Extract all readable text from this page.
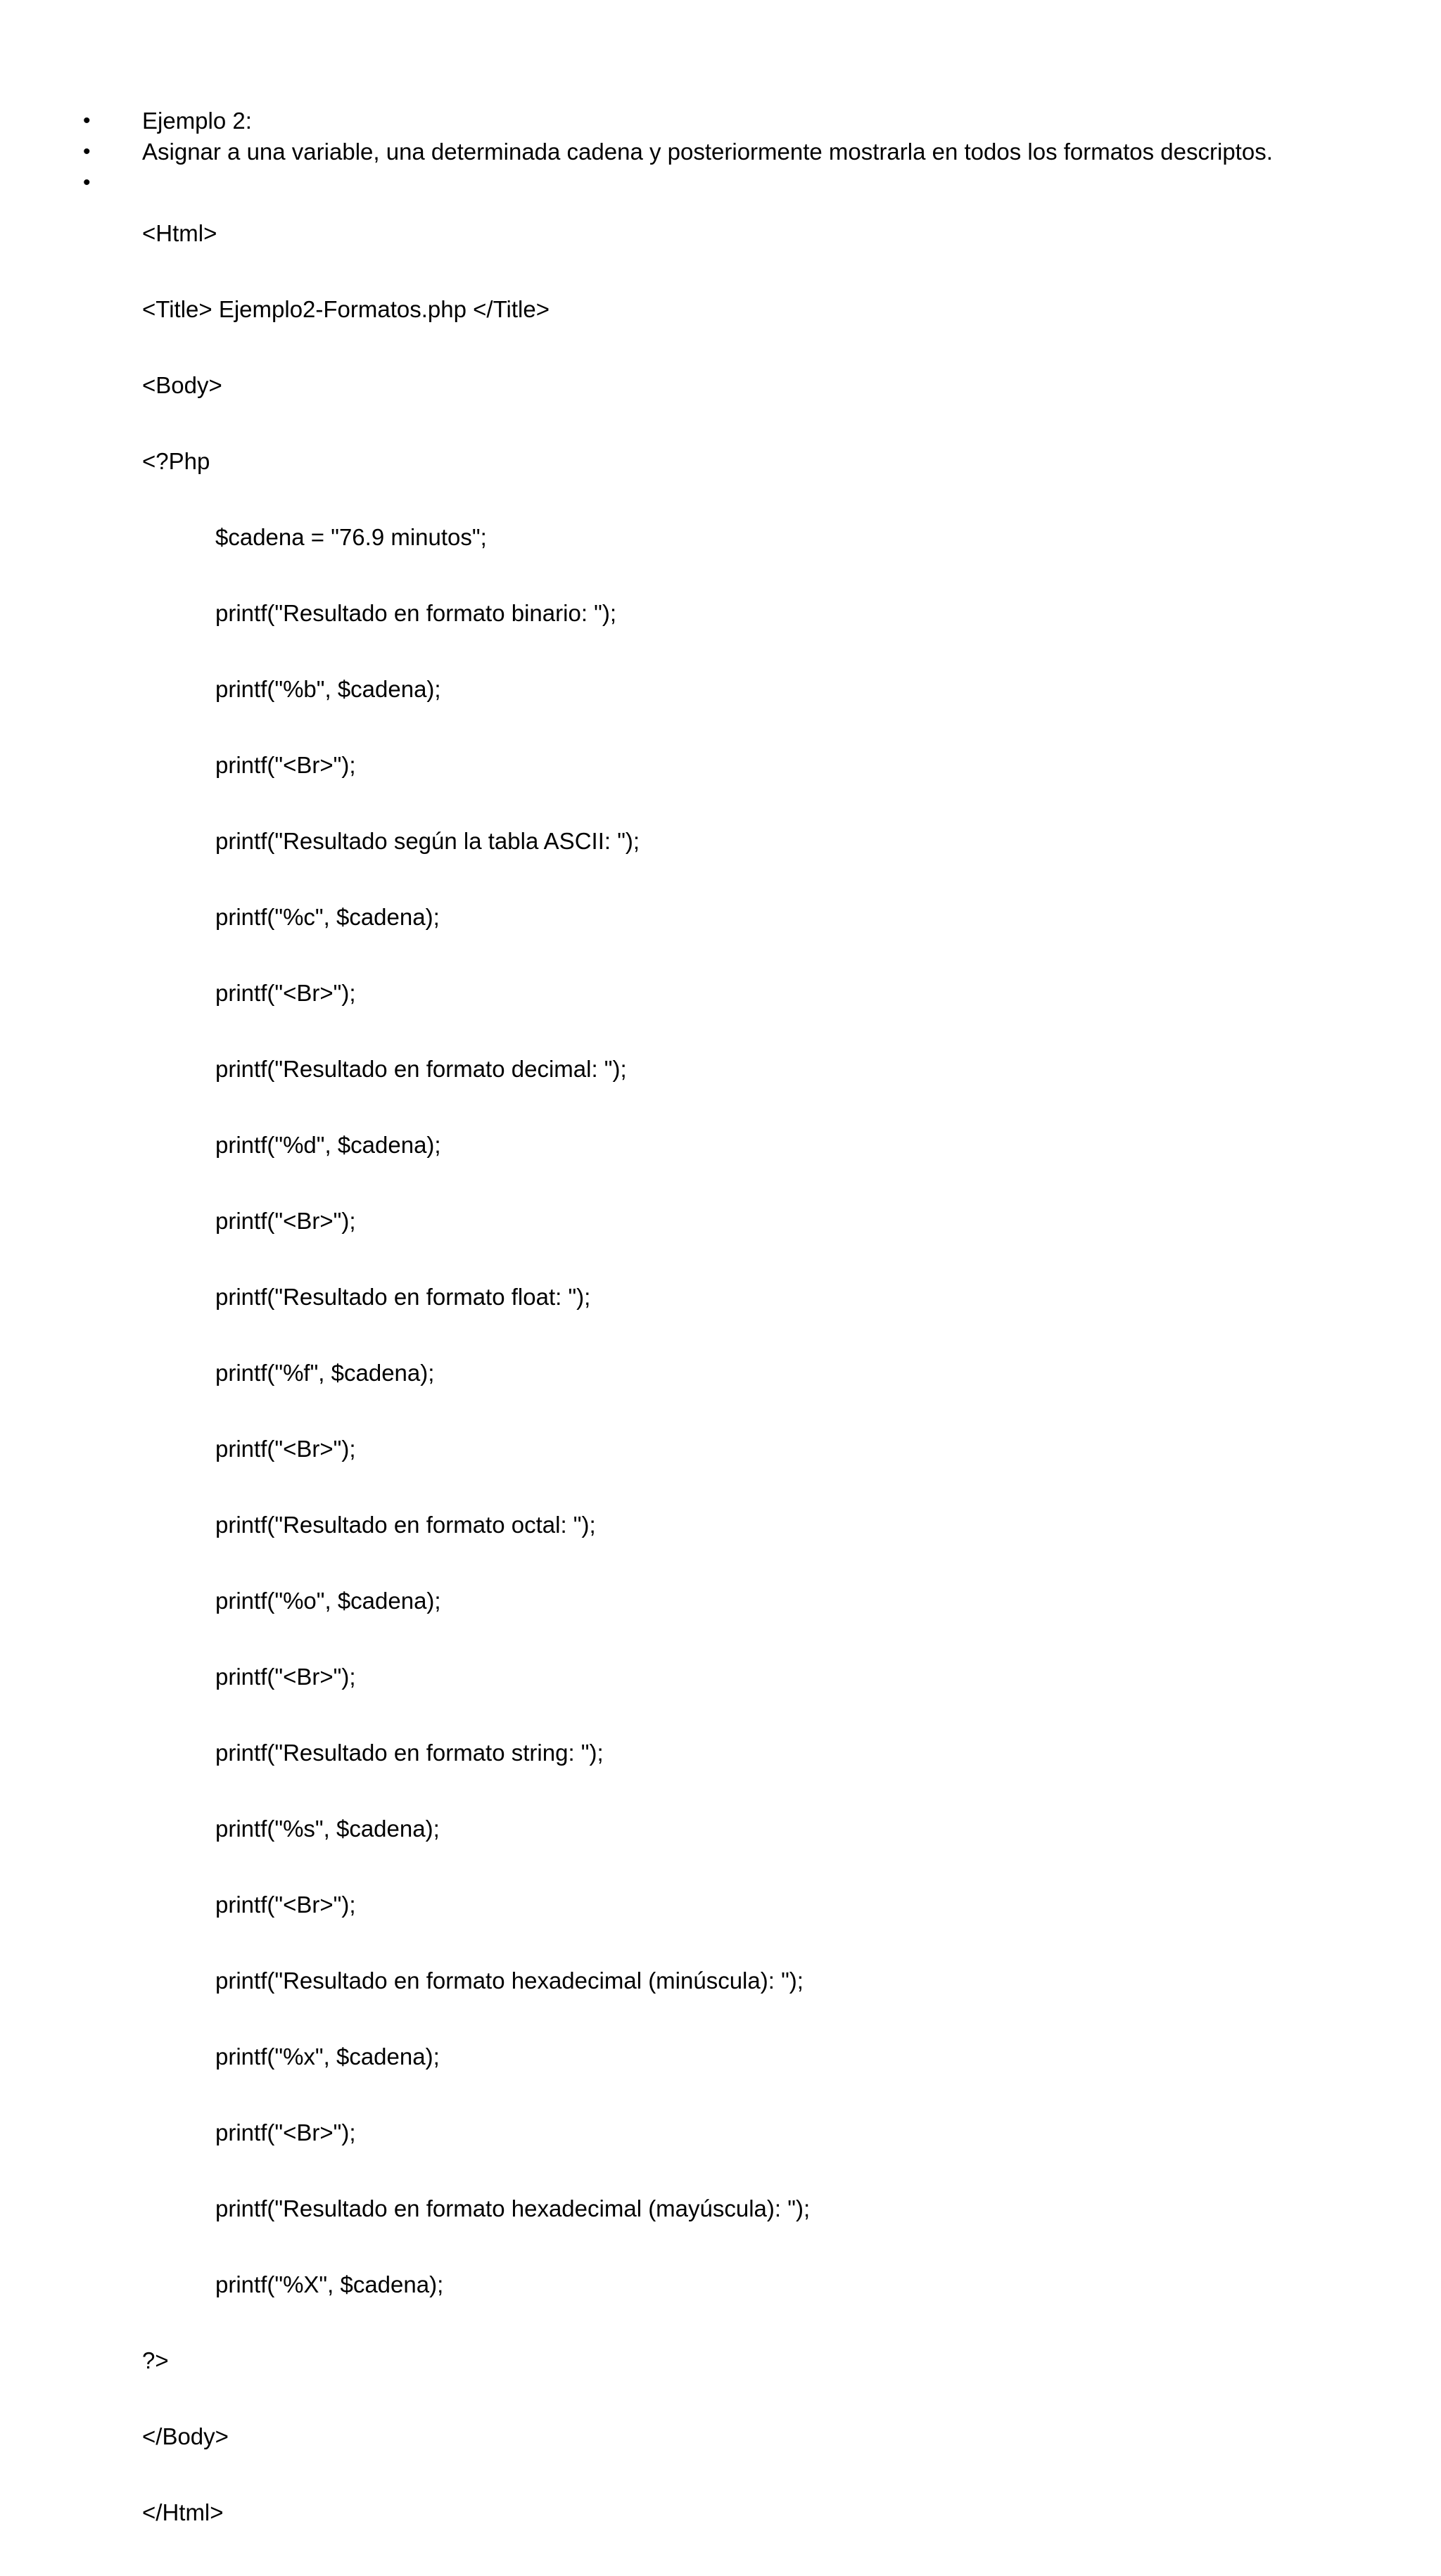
•	Ejemplo 2:
•	Asignar a una variable, una determinada cadena y posteriormente mostrarla en todos los formatos descriptos.
•

<Html>

<Title> Ejemplo2-Formatos.php </Title>

<Body>

<?Php

$cadena = "76.9 minutos";

printf("Resultado en formato binario: ");

printf("%b", $cadena);

printf("<Br>");

printf("Resultado según la tabla ASCII: ");

printf("%c", $cadena);

printf("<Br>");

printf("Resultado en formato decimal: ");

printf("%d", $cadena);

printf("<Br>");

printf("Resultado en formato float: ");

printf("%f", $cadena);

printf("<Br>");

printf("Resultado en formato octal: ");

printf("%o", $cadena);

printf("<Br>");

printf("Resultado en formato string: ");

printf("%s", $cadena);

printf("<Br>");

printf("Resultado en formato hexadecimal (minúscula): ");

printf("%x", $cadena);

printf("<Br>");

printf("Resultado en formato hexadecimal (mayúscula): ");

printf("%X", $cadena);

?>

</Body>

</Html>
